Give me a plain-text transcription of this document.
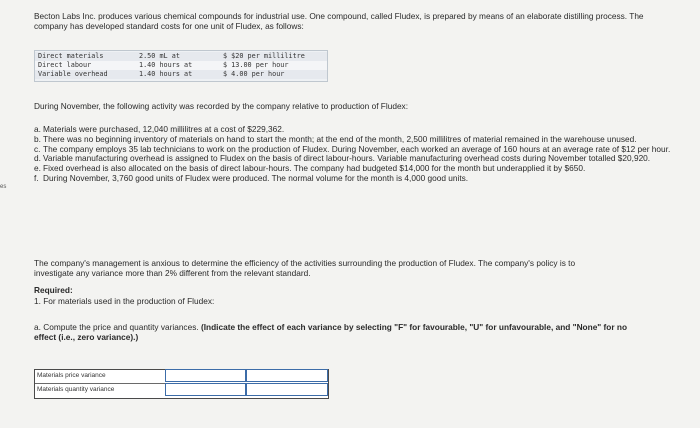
es
Becton Labs Inc. produces various chemical compounds for industrial use. One compound, called Fludex, is prepared by means of an elaborate distilling process. The company has developed standard costs for one unit of Fludex, as follows:
Direct materials	2.50 mL at	$ $20 per millilitre
Direct labour	1.40 hours at	$ 13.00 per hour
Variable overhead	1.40 hours at	$ 4.00 per hour
During November, the following activity was recorded by the company relative to production of Fludex:
a. Materials were purchased, 12,040 millilitres at a cost of $229,362.
b. There was no beginning inventory of materials on hand to start the month; at the end of the month, 2,500 millilitres of material remained in the warehouse unused.
c. The company employs 35 lab technicians to work on the production of Fludex. During November, each worked an average of 160 hours at an average rate of $12 per hour.
d. Variable manufacturing overhead is assigned to Fludex on the basis of direct labour-hours. Variable manufacturing overhead costs during November totalled $20,920.
e. Fixed overhead is also allocated on the basis of direct labour-hours. The company had budgeted $14,000 for the month but underapplied it by $650.
f. During November, 3,760 good units of Fludex were produced. The normal volume for the month is 4,000 good units.
The company's management is anxious to determine the efficiency of the activities surrounding the production of Fludex. The company's policy is to investigate any variance more than 2% different from the relevant standard.
Required:
1. For materials used in the production of Fludex:
a. Compute the price and quantity variances. (Indicate the effect of each variance by selecting "F" for favourable, "U" for unfavourable, and "None" for no effect (i.e., zero variance).)
Materials price variance
Materials quantity variance
